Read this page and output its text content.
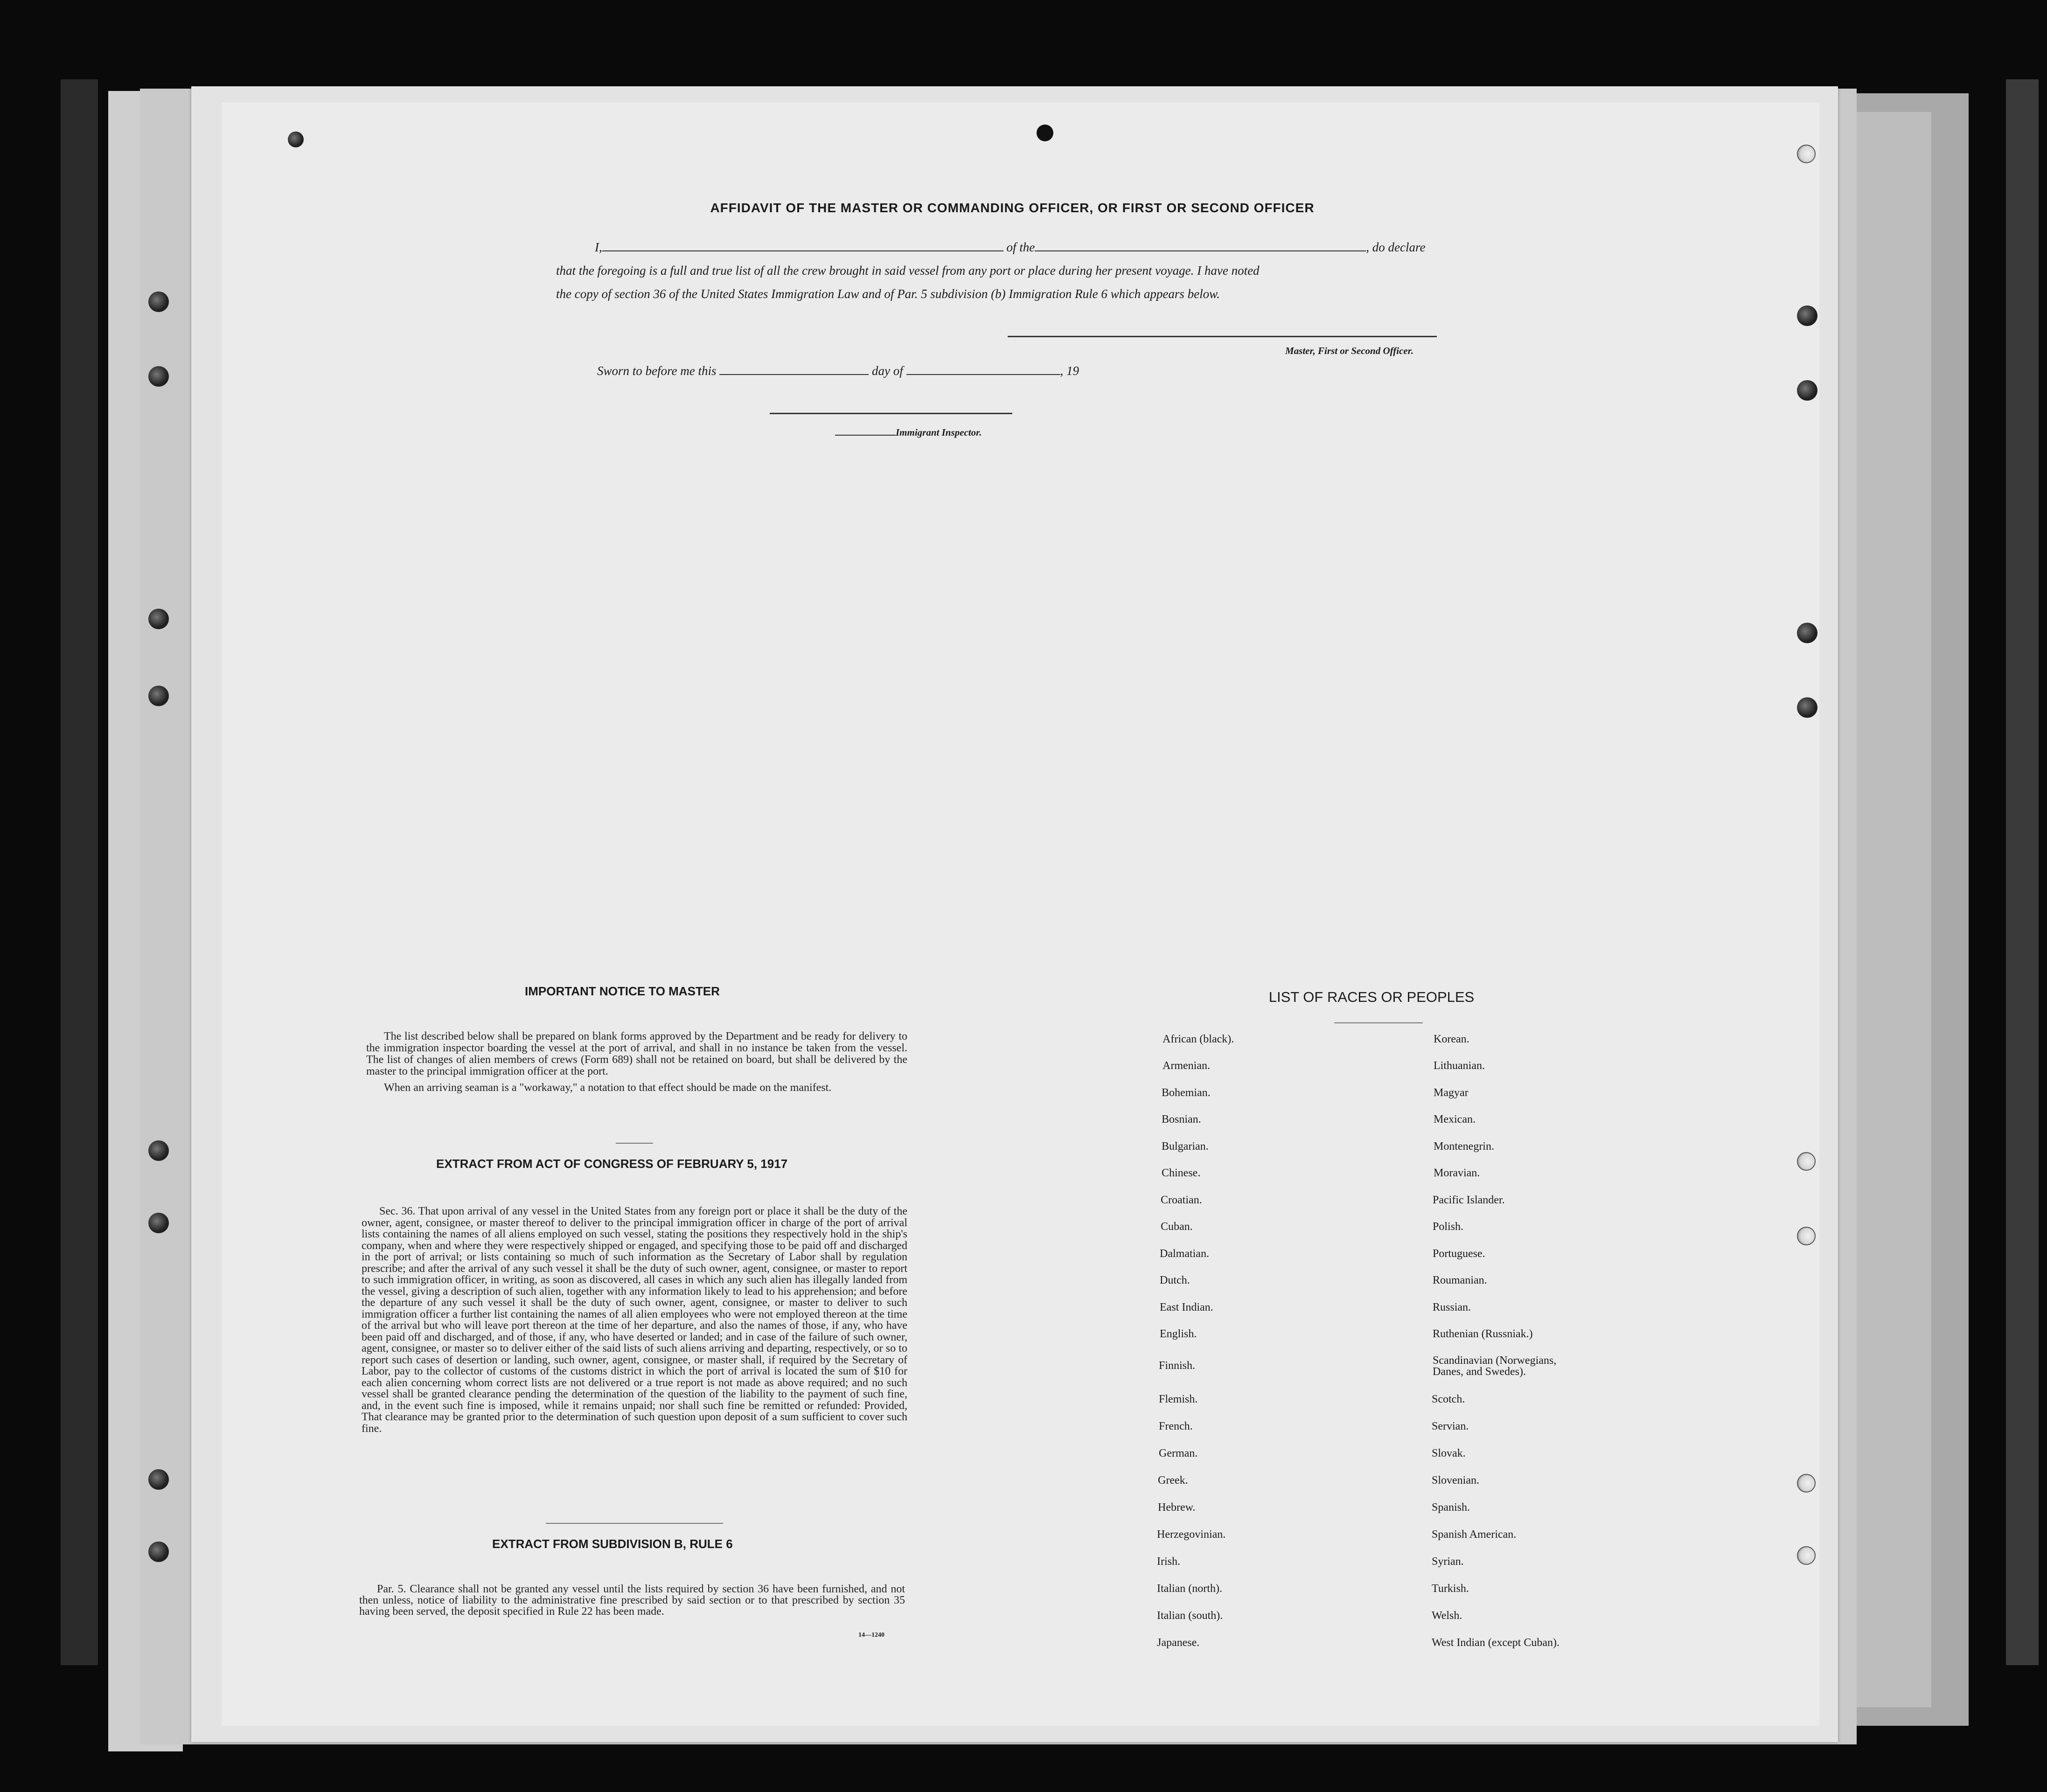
AFFIDAVIT OF THE MASTER OR COMMANDING OFFICER, OR FIRST OR SECOND OFFICER
I,	of the	, do declare
that the foregoing is a full and true list of all the crew brought in said vessel from any port or place during her present voyage. I have noted
the copy of section 36 of the United States Immigration Law and of Par. 5 subdivision (b) Immigration Rule 6 which appears below.
Master, First or Second Officer.
Sworn to before me this	day of	, 19
Immigrant Inspector.
IMPORTANT NOTICE TO MASTER

The list described below shall be prepared on blank forms approved by the Department and be ready for delivery to the immigration inspector boarding the vessel at the port of arrival, and shall in no instance be taken from the vessel. The list of changes of alien members of crews (Form 689) shall not be retained on board, but shall be delivered by the master to the principal immigration officer at the port.

When an arriving seaman is a "workaway," a notation to that effect should be made on the manifest.

EXTRACT FROM ACT OF CONGRESS OF FEBRUARY 5, 1917

Sec. 36. That upon arrival of any vessel in the United States from any foreign port or place it shall be the duty of the owner, agent, consignee, or master thereof to deliver to the principal immigration officer in charge of the port of arrival lists containing the names of all aliens employed on such vessel, stating the positions they respectively hold in the ship's company, when and where they were respectively shipped or engaged, and specifying those to be paid off and discharged in the port of arrival; or lists containing so much of such information as the Secretary of Labor shall by regulation prescribe; and after the arrival of any such vessel it shall be the duty of such owner, agent, consignee, or master to report to such immigration officer, in writing, as soon as discovered, all cases in which any such alien has illegally landed from the vessel, giving a description of such alien, together with any information likely to lead to his apprehension; and before the departure of any such vessel it shall be the duty of such owner, agent, consignee, or master to deliver to such immigration officer a further list containing the names of all alien employees who were not employed thereon at the time of the arrival but who will leave port thereon at the time of her departure, and also the names of those, if any, who have been paid off and discharged, and of those, if any, who have deserted or landed; and in case of the failure of such owner, agent, consignee, or master so to deliver either of the said lists of such aliens arriving and departing, respectively, or so to report such cases of desertion or landing, such owner, agent, consignee, or master shall, if required by the Secretary of Labor, pay to the collector of customs of the customs district in which the port of arrival is located the sum of $10 for each alien concerning whom correct lists are not delivered or a true report is not made as above required; and no such vessel shall be granted clearance pending the determination of the question of the liability to the payment of such fine, and, in the event such fine is imposed, while it remains unpaid; nor shall such fine be remitted or refunded: Provided, That clearance may be granted prior to the determination of such question upon deposit of a sum sufficient to cover such fine.

EXTRACT FROM SUBDIVISION B, RULE 6

Par. 5. Clearance shall not be granted any vessel until the lists required by section 36 have been furnished, and not then unless, notice of liability to the administrative fine prescribed by said section or to that prescribed by section 35 having been served, the deposit specified in Rule 22 has been made.

14—1240
LIST OF RACES OR PEOPLES
African (black).
Armenian.
Bohemian.
Bosnian.
Bulgarian.
Chinese.
Croatian.
Cuban.
Dalmatian.
Dutch.
East Indian.
English.
Finnish.
Flemish.
French.
German.
Greek.
Hebrew.
Herzegovinian.
Irish.
Italian (north).
Italian (south).
Japanese.
Korean.
Lithuanian.
Magyar
Mexican.
Montenegrin.
Moravian.
Pacific Islander.
Polish.
Portuguese.
Roumanian.
Russian.
Ruthenian (Russniak.)
Scandinavian (Norwegians, Danes, and Swedes).
Scotch.
Servian.
Slovak.
Slovenian.
Spanish.
Spanish American.
Syrian.
Turkish.
Welsh.
West Indian (except Cuban).
